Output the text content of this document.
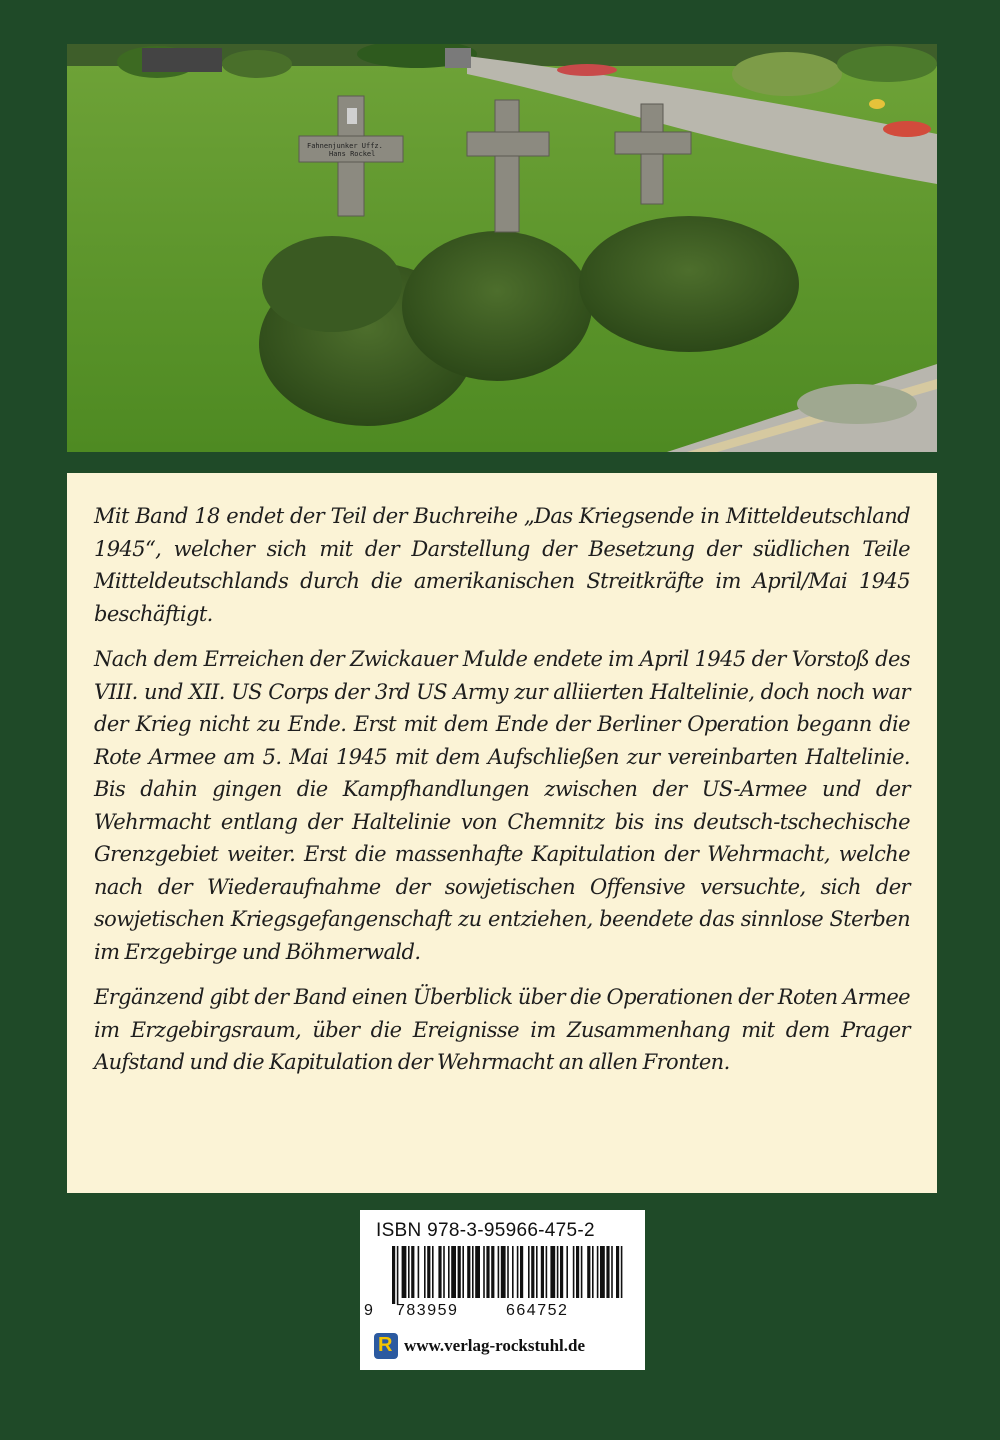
Fahnenjunker Uffz.
Hans Rockel

Mit Band 18 endet der Teil der Buchreihe „Das Kriegsende in Mitteldeutschland 1945“, welcher sich mit der Darstellung der Besetzung der südlichen Teile Mitteldeutschlands durch die amerikanischen Streitkräfte im April/Mai 1945 beschäftigt.

Nach dem Erreichen der Zwickauer Mulde endete im April 1945 der Vorstoß des VIII. und XII. US Corps der 3rd US Army zur alliierten Haltelinie, doch noch war der Krieg nicht zu Ende. Erst mit dem Ende der Berliner Operation begann die Rote Armee am 5. Mai 1945 mit dem Aufschließen zur vereinbarten Haltelinie. Bis dahin gingen die Kampfhandlungen zwischen der US-Armee und der Wehrmacht entlang der Haltelinie von Chemnitz bis ins deutsch-tschechische Grenzgebiet weiter. Erst die massenhafte Kapitulation der Wehrmacht, welche nach der Wiederaufnahme der sowjetischen Offensive versuchte, sich der sowjetischen Kriegsgefangenschaft zu entziehen, beendete das sinnlose Sterben im Erzgebirge und Böhmerwald.

Ergänzend gibt der Band einen Überblick über die Operationen der Roten Armee im Erzgebirgsraum, über die Ereignisse im Zusammenhang mit dem Prager Aufstand und die Kapitulation der Wehrmacht an allen Fronten.

ISBN 978-3-95966-475-2
9 783959	664752
R www.verlag-rockstuhl.de
